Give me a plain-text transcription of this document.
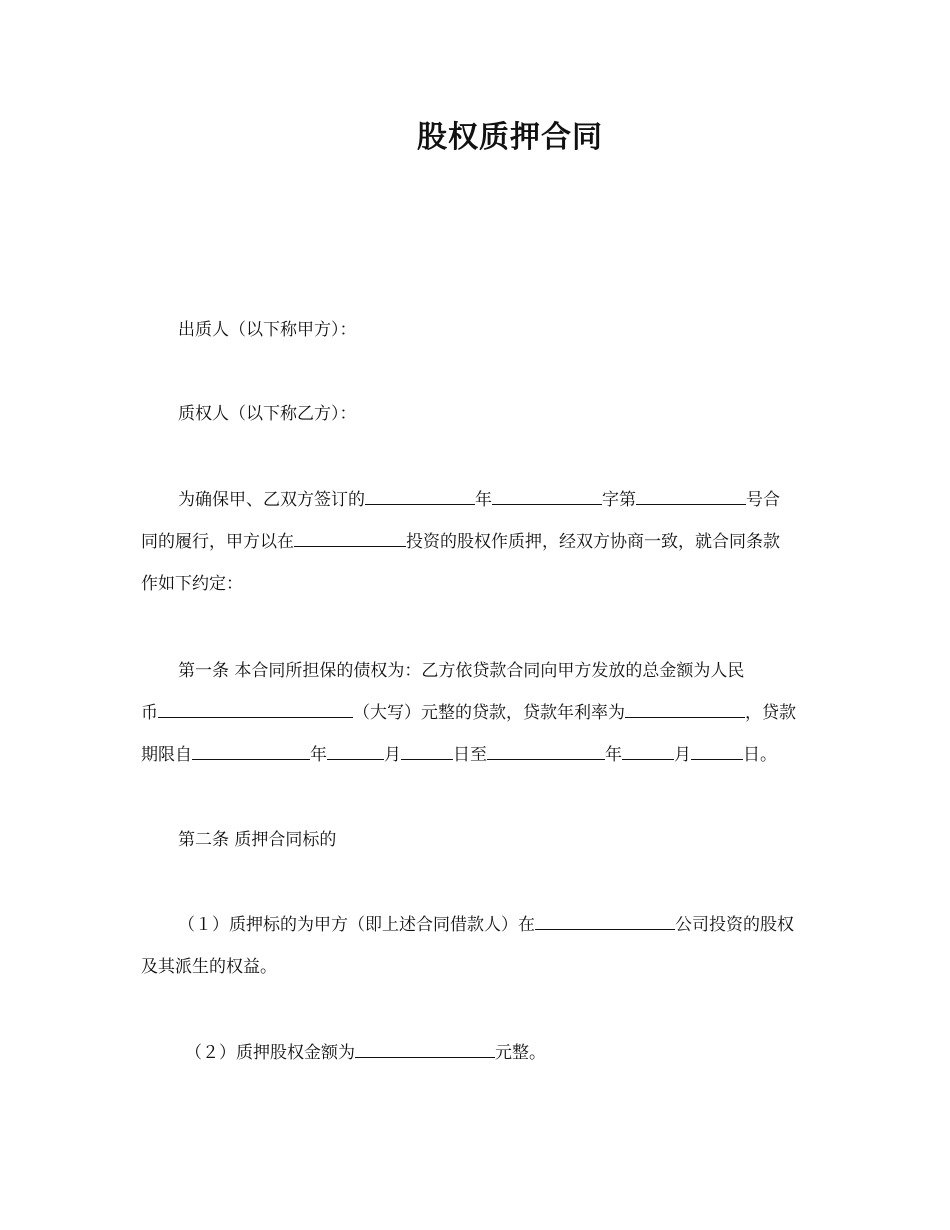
股权质押合同

出质人（以下称甲方）：

质权人（以下称乙方）：

为确保甲、乙双方签订的	年	字第	号合
同的履行，甲方以在	投资的股权作质押，经双方协商一致，就合同条款
作如下约定：

第一条 本合同所担保的债权为：乙方依贷款合同向甲方发放的总金额为人民
币	（大写）元整的贷款，贷款年利率为	，贷款
期限自	年	月	日至	年	月	日。

第二条 质押合同标的

（１）质押标的为甲方（即上述合同借款人）在	公司投资的股权
及其派生的权益。

（２）质押股权金额为	元整。
